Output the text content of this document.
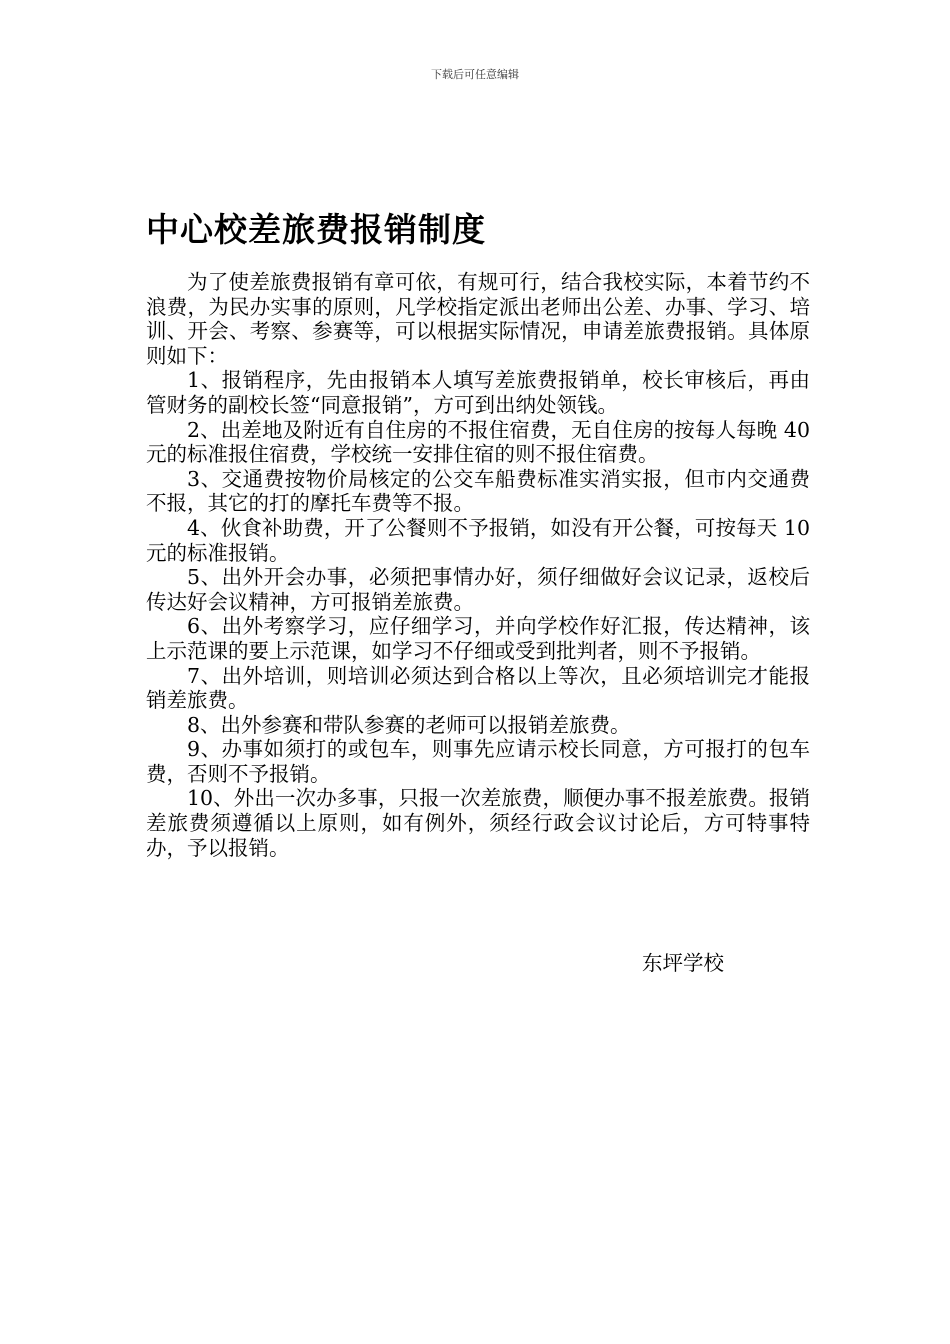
下载后可任意编辑
中心校差旅费报销制度

为了使差旅费报销有章可依，有规可行，结合我校实际，本着节约不浪费，为民办实事的原则，凡学校指定派出老师出公差、办事、学习、培训、开会、考察、参赛等，可以根据实际情况，申请差旅费报销。具体原则如下：

1、报销程序，先由报销本人填写差旅费报销单，校长审核后，再由管财务的副校长签“同意报销”，方可到出纳处领钱。

2、出差地及附近有自住房的不报住宿费，无自住房的按每人每晚 40 元的标准报住宿费，学校统一安排住宿的则不报住宿费。

3、交通费按物价局核定的公交车船费标准实消实报，但市内交通费不报，其它的打的摩托车费等不报。

4、伙食补助费，开了公餐则不予报销，如没有开公餐，可按每天 10 元的标准报销。

5、出外开会办事，必须把事情办好，须仔细做好会议记录，返校后传达好会议精神，方可报销差旅费。

6、出外考察学习，应仔细学习，并向学校作好汇报，传达精神，该上示范课的要上示范课，如学习不仔细或受到批判者，则不予报销。

7、出外培训，则培训必须达到合格以上等次，且必须培训完才能报销差旅费。

8、出外参赛和带队参赛的老师可以报销差旅费。

9、办事如须打的或包车，则事先应请示校长同意，方可报打的包车费，否则不予报销。

10、外出一次办多事，只报一次差旅费，顺便办事不报差旅费。报销差旅费须遵循以上原则，如有例外，须经行政会议讨论后，方可特事特办，予以报销。

东坪学校
